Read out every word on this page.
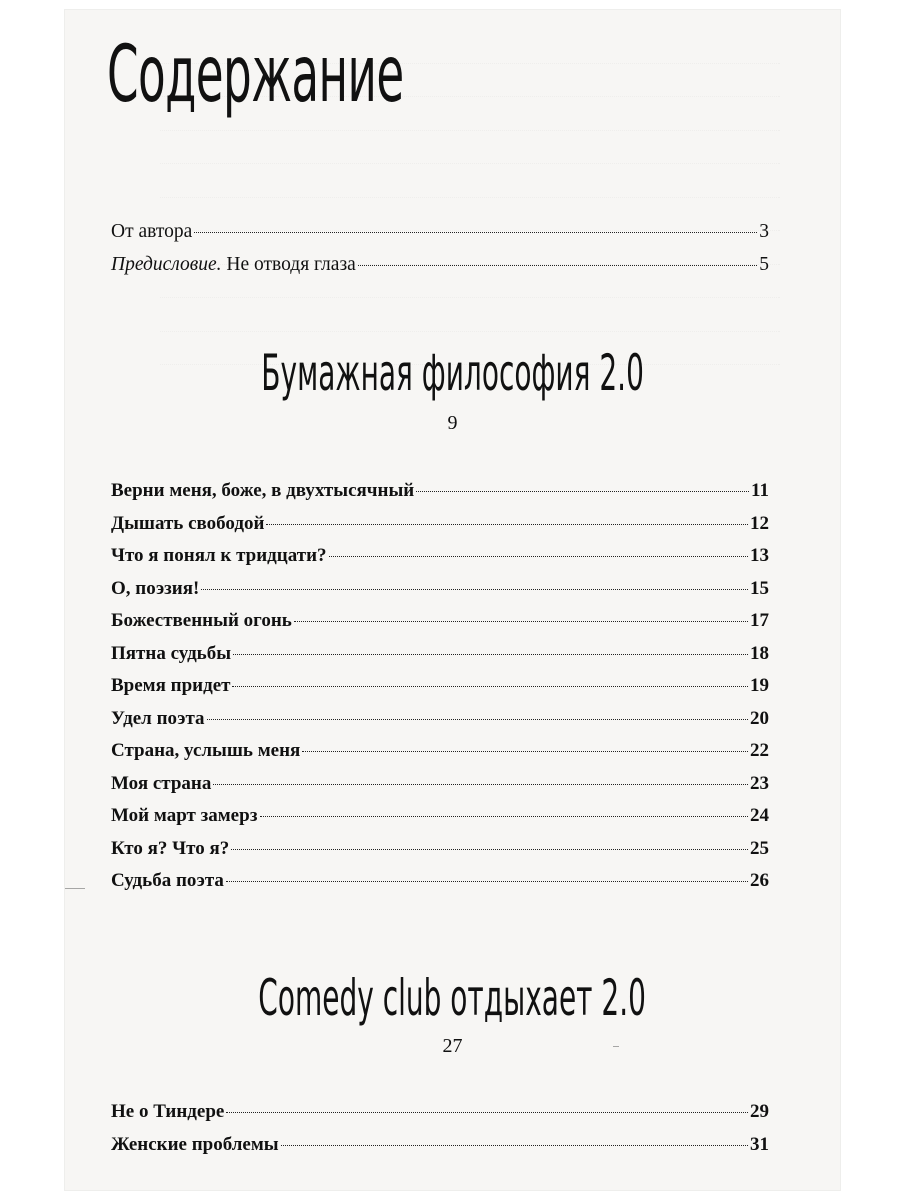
Содержание
От автора	3
Предисловие. Не отводя глаза	5
Бумажная философия 2.0
9
Верни меня, боже, в двухтысячный	11
Дышать свободой	12
Что я понял к тридцати?	13
О, поэзия!	15
Божественный огонь	17
Пятна судьбы	18
Время придет	19
Удел поэта	20
Страна, услышь меня	22
Моя страна	23
Мой март замерз	24
Кто я? Что я?	25
Судьба поэта	26
Comedy club отдыхает 2.0
27
Не о Тиндере	29
Женские проблемы	31
